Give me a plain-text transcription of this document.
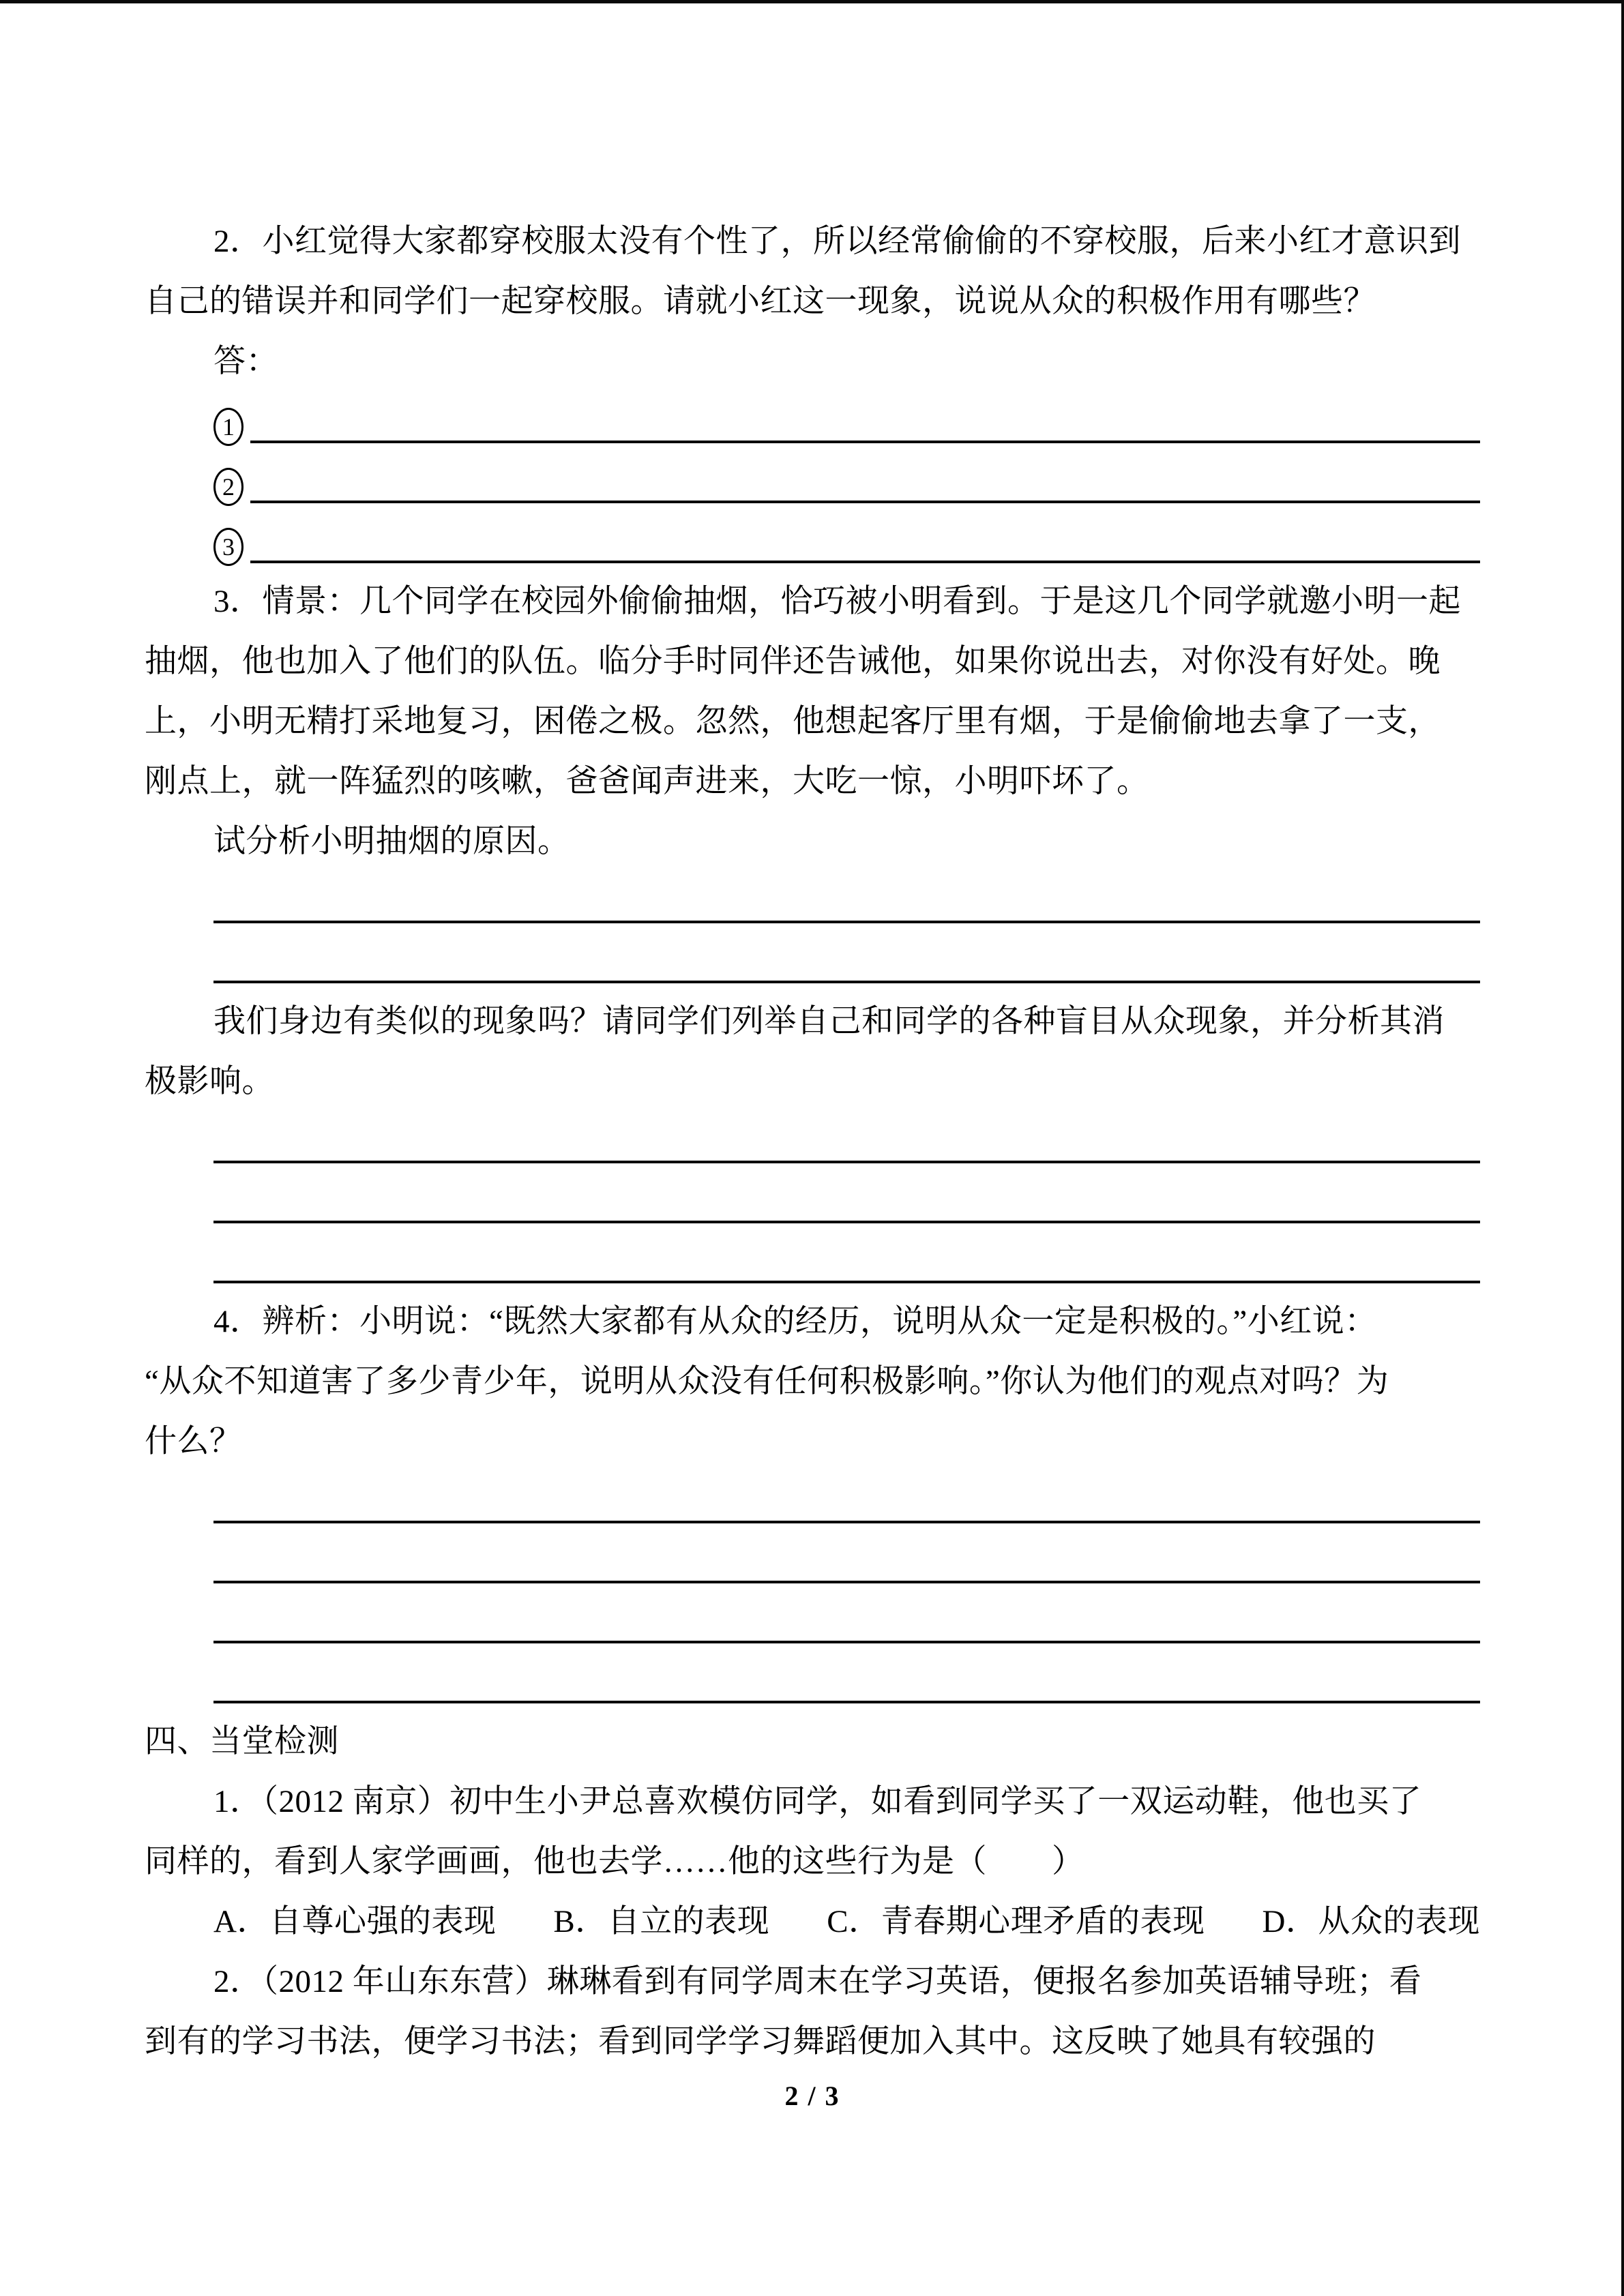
2．小红觉得大家都穿校服太没有个性了，所以经常偷偷的不穿校服，后来小红才意识到
自己的错误并和同学们一起穿校服。请就小红这一现象，说说从众的积极作用有哪些？
答：
1
2
3
3．情景：几个同学在校园外偷偷抽烟，恰巧被小明看到。于是这几个同学就邀小明一起
抽烟，他也加入了他们的队伍。临分手时同伴还告诫他，如果你说出去，对你没有好处。晚
上，小明无精打采地复习，困倦之极。忽然，他想起客厅里有烟，于是偷偷地去拿了一支，
刚点上，就一阵猛烈的咳嗽，爸爸闻声进来，大吃一惊，小明吓坏了。
试分析小明抽烟的原因。
我们身边有类似的现象吗？请同学们列举自己和同学的各种盲目从众现象，并分析其消
极影响。
4．辨析：小明说：“既然大家都有从众的经历，说明从众一定是积极的。”小红说：
“从众不知道害了多少青少年，说明从众没有任何积极影响。”你认为他们的观点对吗？为
什么？
四、当堂检测
1．（2012 南京）初中生小尹总喜欢模仿同学，如看到同学买了一双运动鞋，他也买了
同样的，看到人家学画画，他也去学……他的这些行为是（　　）
A．自尊心强的表现 B．自立的表现 C．青春期心理矛盾的表现 D．从众的表现
2．（2012 年山东东营）琳琳看到有同学周末在学习英语，便报名参加英语辅导班；看
到有的学习书法，便学习书法；看到同学学习舞蹈便加入其中。这反映了她具有较强的
2 / 3
